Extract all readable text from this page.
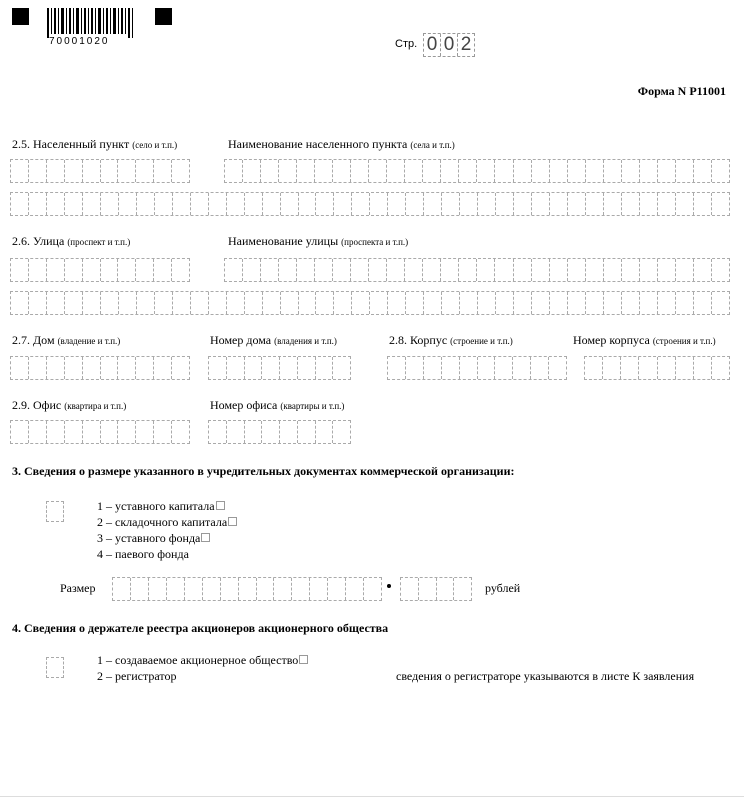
70001020	Стр. 0 0 2
Форма N Р11001
2.5. Населенный пункт (село и т.п.)	Наименование населенного пункта (села и т.п.)
2.6. Улица (проспект и т.п.)	Наименование улицы (проспекта и т.п.)
2.7. Дом (владение и т.п.)	Номер дома (владения и т.п.)	2.8. Корпус (строение и т.п.)	Номер корпуса (строения и т.п.)
2.9. Офис (квартира и т.п.)	Номер офиса (квартиры и т.п.)
3. Сведения о размере указанного в учредительных документах коммерческой организации:
1 – уставного капитала
2 – складочного капитала
3 – уставного фонда
4 – паевого фонда
Размер	рублей
4. Сведения о держателе реестра акционеров акционерного общества
1 – создаваемое акционерное общество
2 – регистратор	сведения о регистраторе указываются в листе К заявления
